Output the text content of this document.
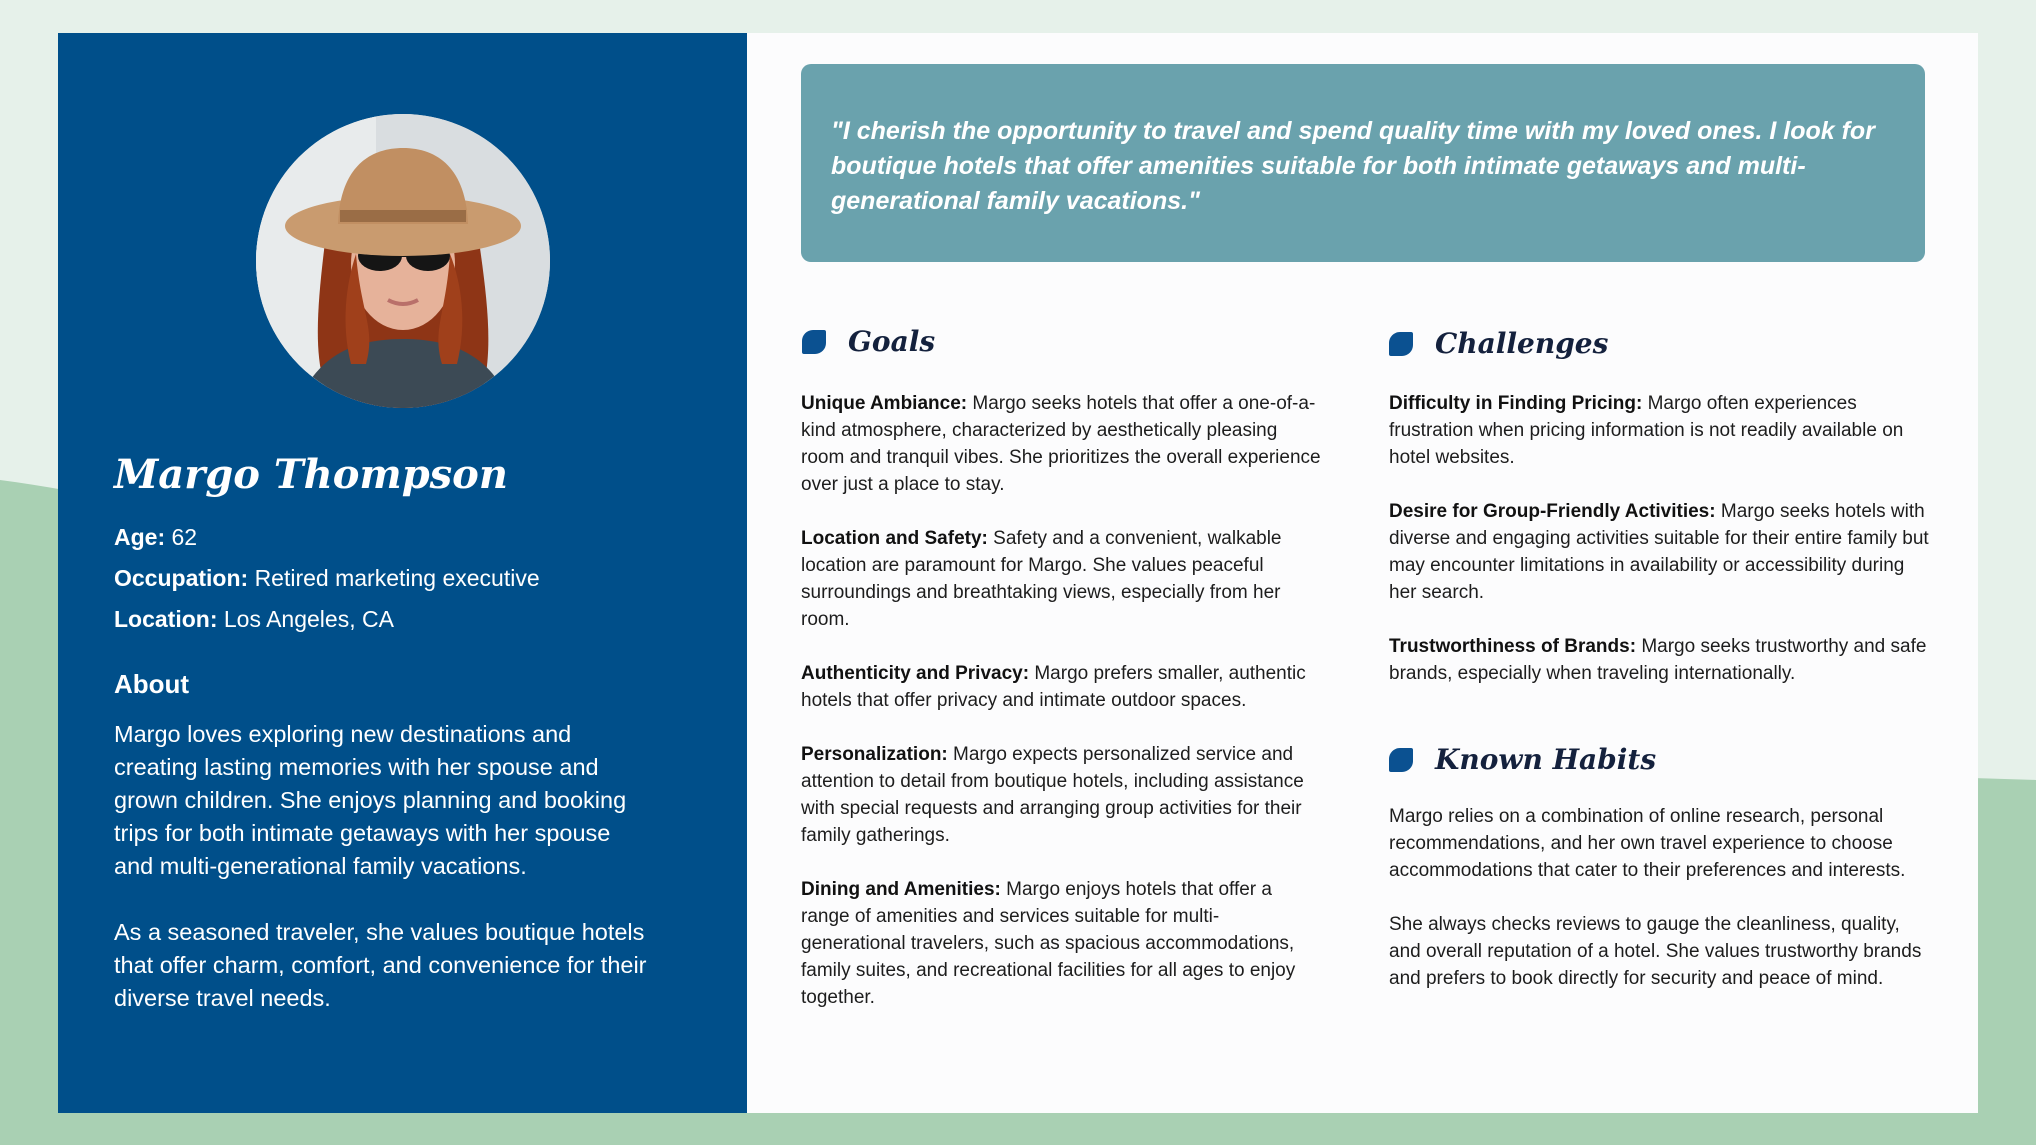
Margo Thompson
Age: 62
Occupation: Retired marketing executive
Location: Los Angeles, CA
About

Margo loves exploring new destinations and creating lasting memories with her spouse and grown children. She enjoys planning and booking trips for both intimate getaways with her spouse and multi-generational family vacations.

As a seasoned traveler, she values boutique hotels that offer charm, comfort, and convenience for their diverse travel needs.

"I cherish the opportunity to travel and spend quality time with my loved ones. I look for boutique hotels that offer amenities suitable for both intimate getaways and multi-generational family vacations."
Goals

Unique Ambiance: Margo seeks hotels that offer a one-of-a-kind atmosphere, characterized by aesthetically pleasing room and tranquil vibes. She prioritizes the overall experience over just a place to stay.

Location and Safety: Safety and a convenient, walkable location are paramount for Margo. She values peaceful surroundings and breathtaking views, especially from her room.

Authenticity and Privacy: Margo prefers smaller, authentic hotels that offer privacy and intimate outdoor spaces.

Personalization: Margo expects personalized service and attention to detail from boutique hotels, including assistance with special requests and arranging group activities for their family gatherings.

Dining and Amenities: Margo enjoys hotels that offer a range of amenities and services suitable for multi-generational travelers, such as spacious accommodations, family suites, and recreational facilities for all ages to enjoy together.

Challenges

Difficulty in Finding Pricing: Margo often experiences frustration when pricing information is not readily available on hotel websites.

Desire for Group-Friendly Activities: Margo seeks hotels with diverse and engaging activities suitable for their entire family but may encounter limitations in availability or accessibility during her search.

Trustworthiness of Brands: Margo seeks trustworthy and safe brands, especially when traveling internationally.

Known Habits

Margo relies on a combination of online research, personal recommendations, and her own travel experience to choose accommodations that cater to their preferences and interests.

She always checks reviews to gauge the cleanliness, quality, and overall reputation of a hotel. She values trustworthy brands and prefers to book directly for security and peace of mind.
